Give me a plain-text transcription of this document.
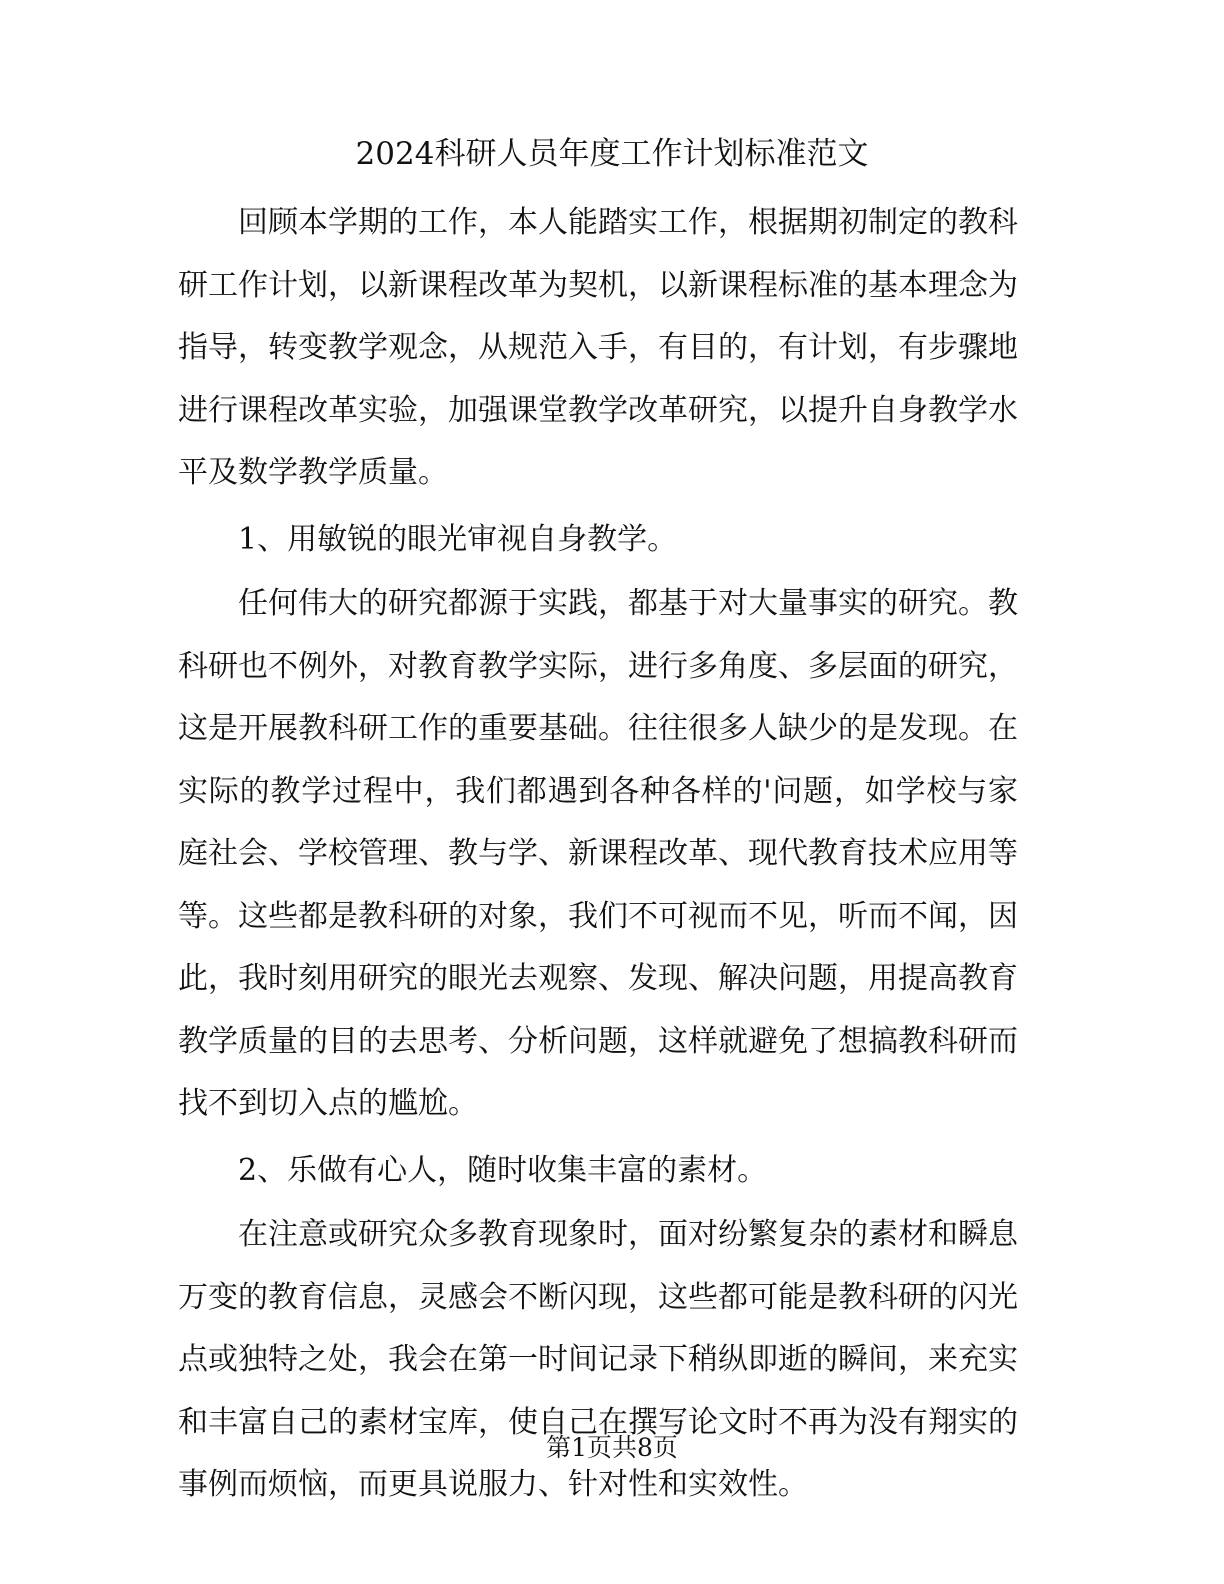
2024科研人员年度工作计划标准范文

回顾本学期的工作，本人能踏实工作，根据期初制定的教科研工作计划，以新课程改革为契机，以新课程标准的基本理念为指导，转变教学观念，从规范入手，有目的，有计划，有步骤地进行课程改革实验，加强课堂教学改革研究，以提升自身教学水平及数学教学质量。

1、用敏锐的眼光审视自身教学。

任何伟大的研究都源于实践，都基于对大量事实的研究。教科研也不例外，对教育教学实际，进行多角度、多层面的研究，这是开展教科研工作的重要基础。往往很多人缺少的是发现。在实际的教学过程中，我们都遇到各种各样的'问题，如学校与家庭社会、学校管理、教与学、新课程改革、现代教育技术应用等等。这些都是教科研的对象，我们不可视而不见，听而不闻，因此，我时刻用研究的眼光去观察、发现、解决问题，用提高教育教学质量的目的去思考、分析问题，这样就避免了想搞教科研而找不到切入点的尴尬。

2、乐做有心人，随时收集丰富的素材。

在注意或研究众多教育现象时，面对纷繁复杂的素材和瞬息万变的教育信息，灵感会不断闪现，这些都可能是教科研的闪光点或独特之处，我会在第一时间记录下稍纵即逝的瞬间，来充实和丰富自己的素材宝库，使自己在撰写论文时不再为没有翔实的事例而烦恼，而更具说服力、针对性和实效性。

第1页共8页
